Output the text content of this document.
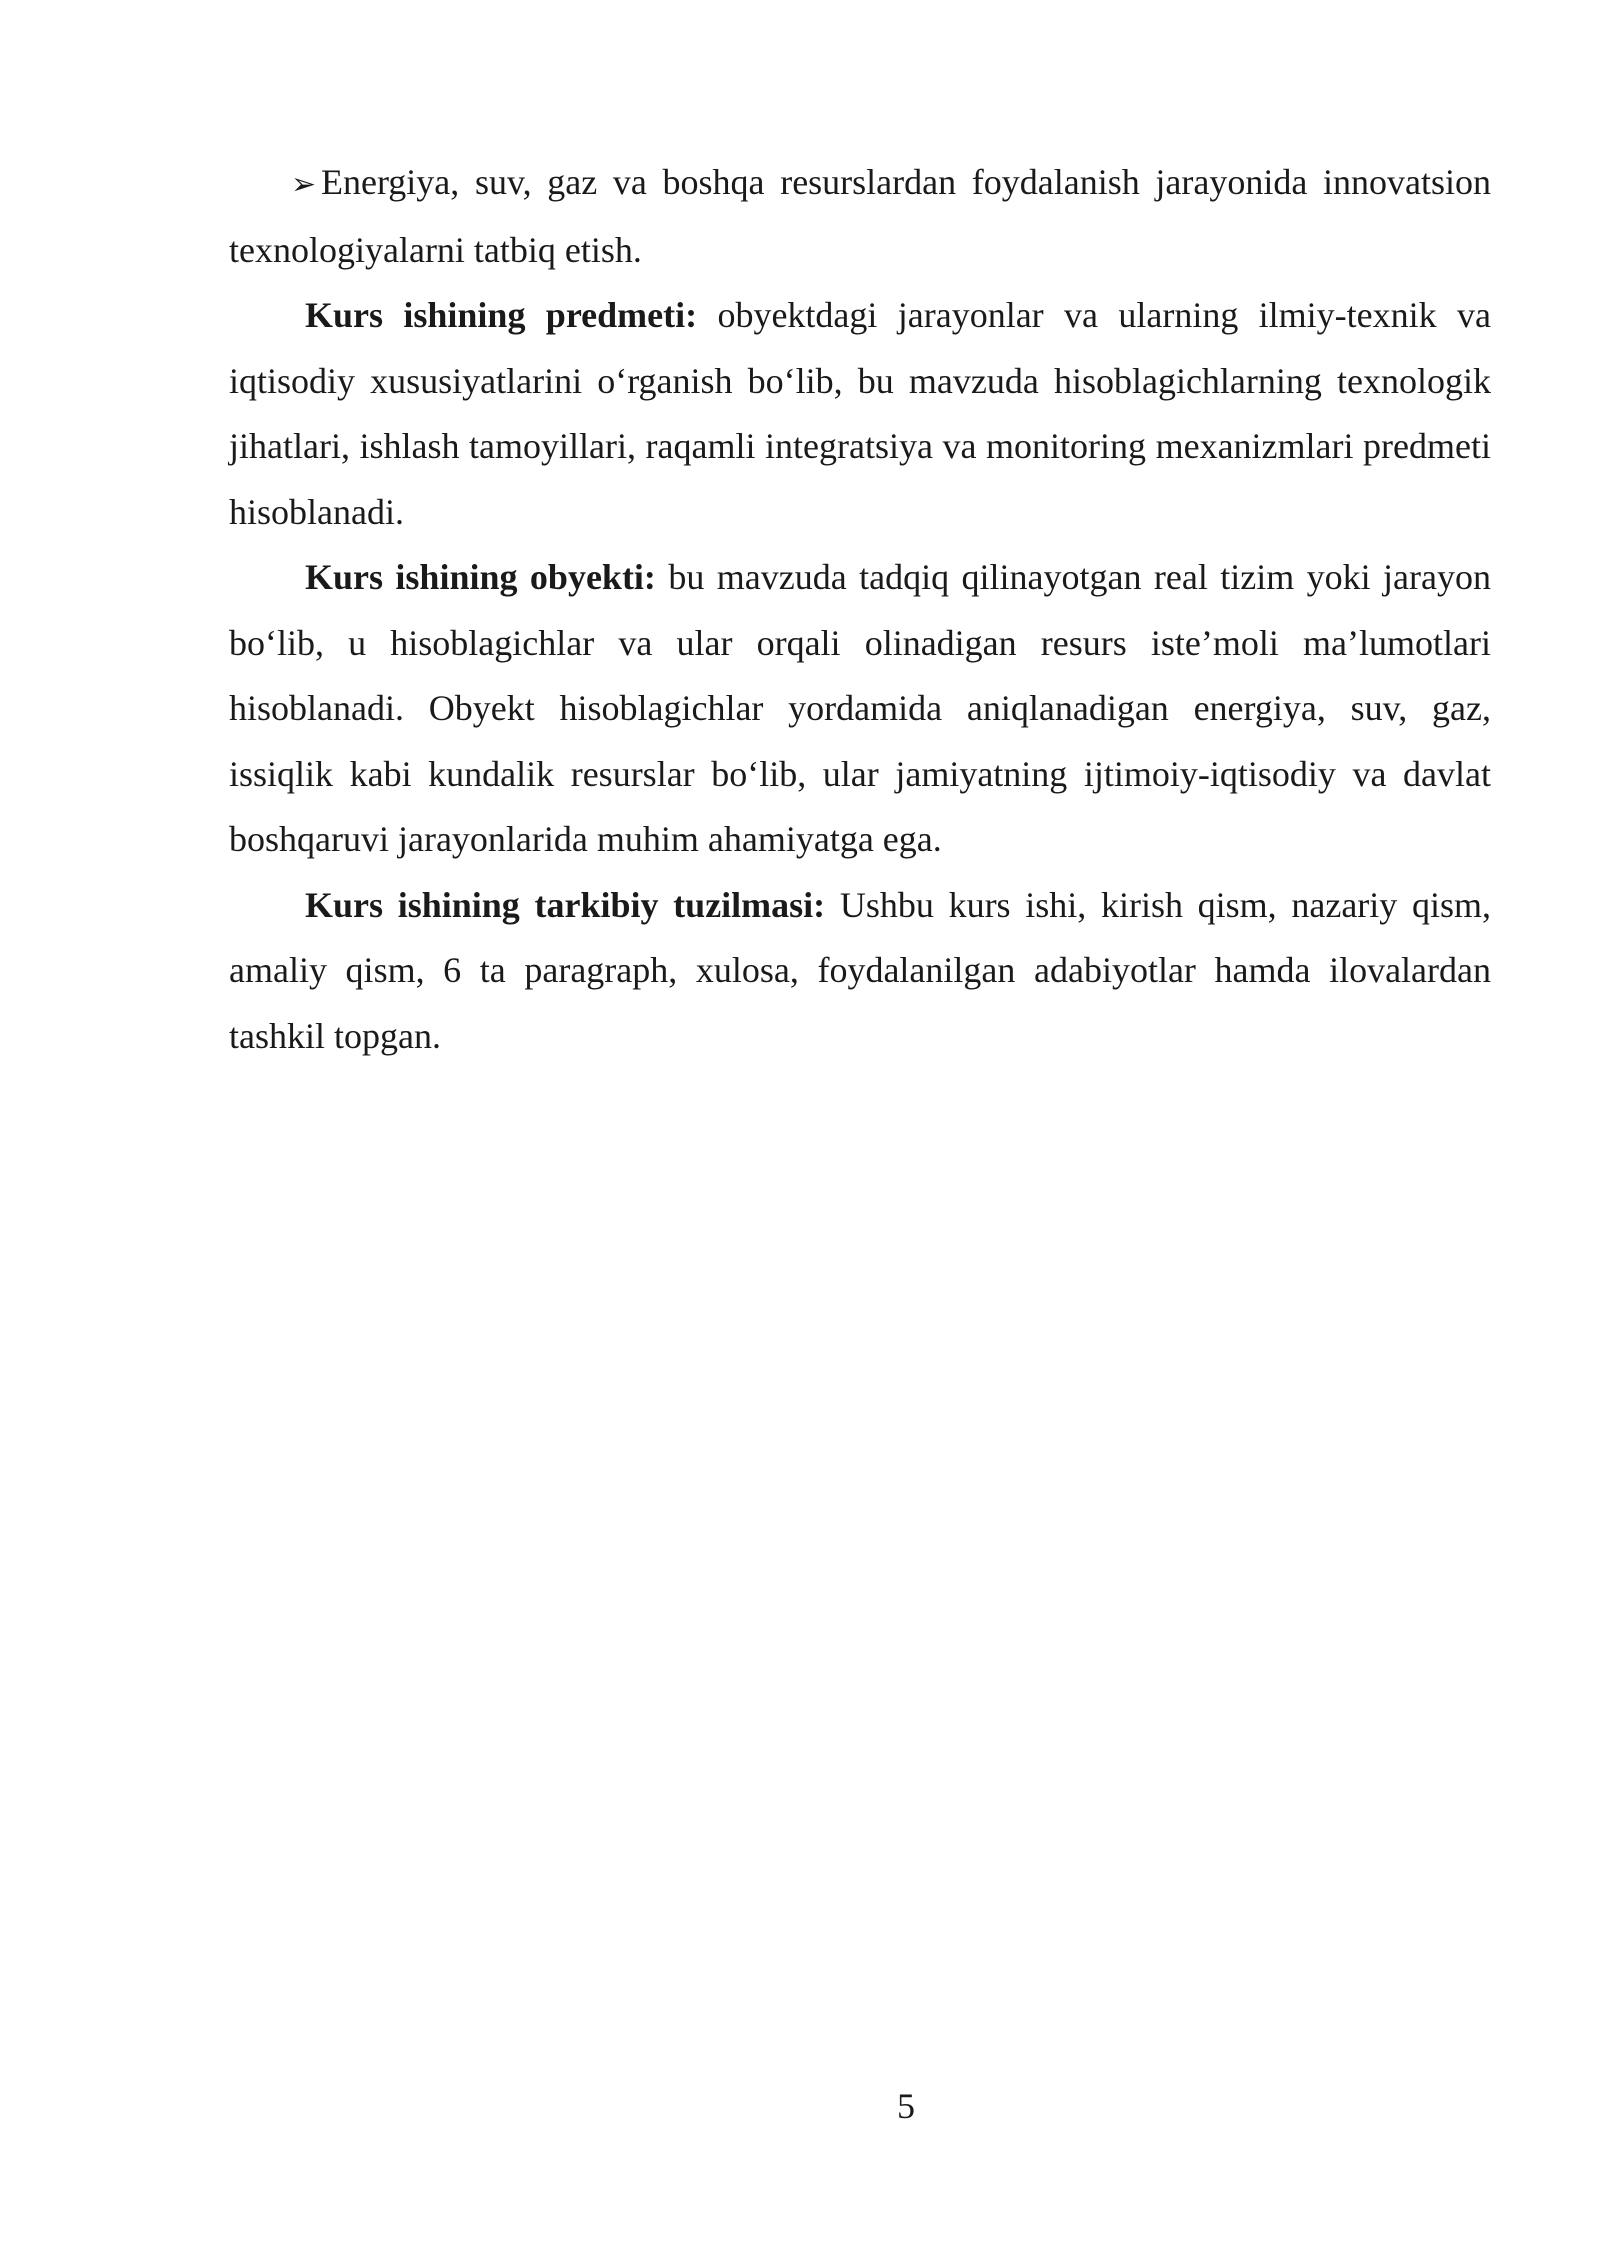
➢ Energiya, suv, gaz va boshqa resurslardan foydalanish jarayonida innovatsion texnologiyalarni tatbiq etish.

Kurs ishining predmeti: obyektdagi jarayonlar va ularning ilmiy-texnik va iqtisodiy xususiyatlarini oʻrganish boʻlib, bu mavzuda hisoblagichlarning texnologik jihatlari, ishlash tamoyillari, raqamli integratsiya va monitoring mexanizmlari predmeti hisoblanadi.

Kurs ishining obyekti: bu mavzuda tadqiq qilinayotgan real tizim yoki jarayon boʻlib, u hisoblagichlar va ular orqali olinadigan resurs iste’moli ma’lumotlari hisoblanadi. Obyekt hisoblagichlar yordamida aniqlanadigan energiya, suv, gaz, issiqlik kabi kundalik resurslar boʻlib, ular jamiyatning ijtimoiy-iqtisodiy va davlat boshqaruvi jarayonlarida muhim ahamiyatga ega.

Kurs ishining tarkibiy tuzilmasi: Ushbu kurs ishi, kirish qism, nazariy qism, amaliy qism, 6 ta paragraph, xulosa, foydalanilgan adabiyotlar hamda ilovalardan tashkil topgan.

5
